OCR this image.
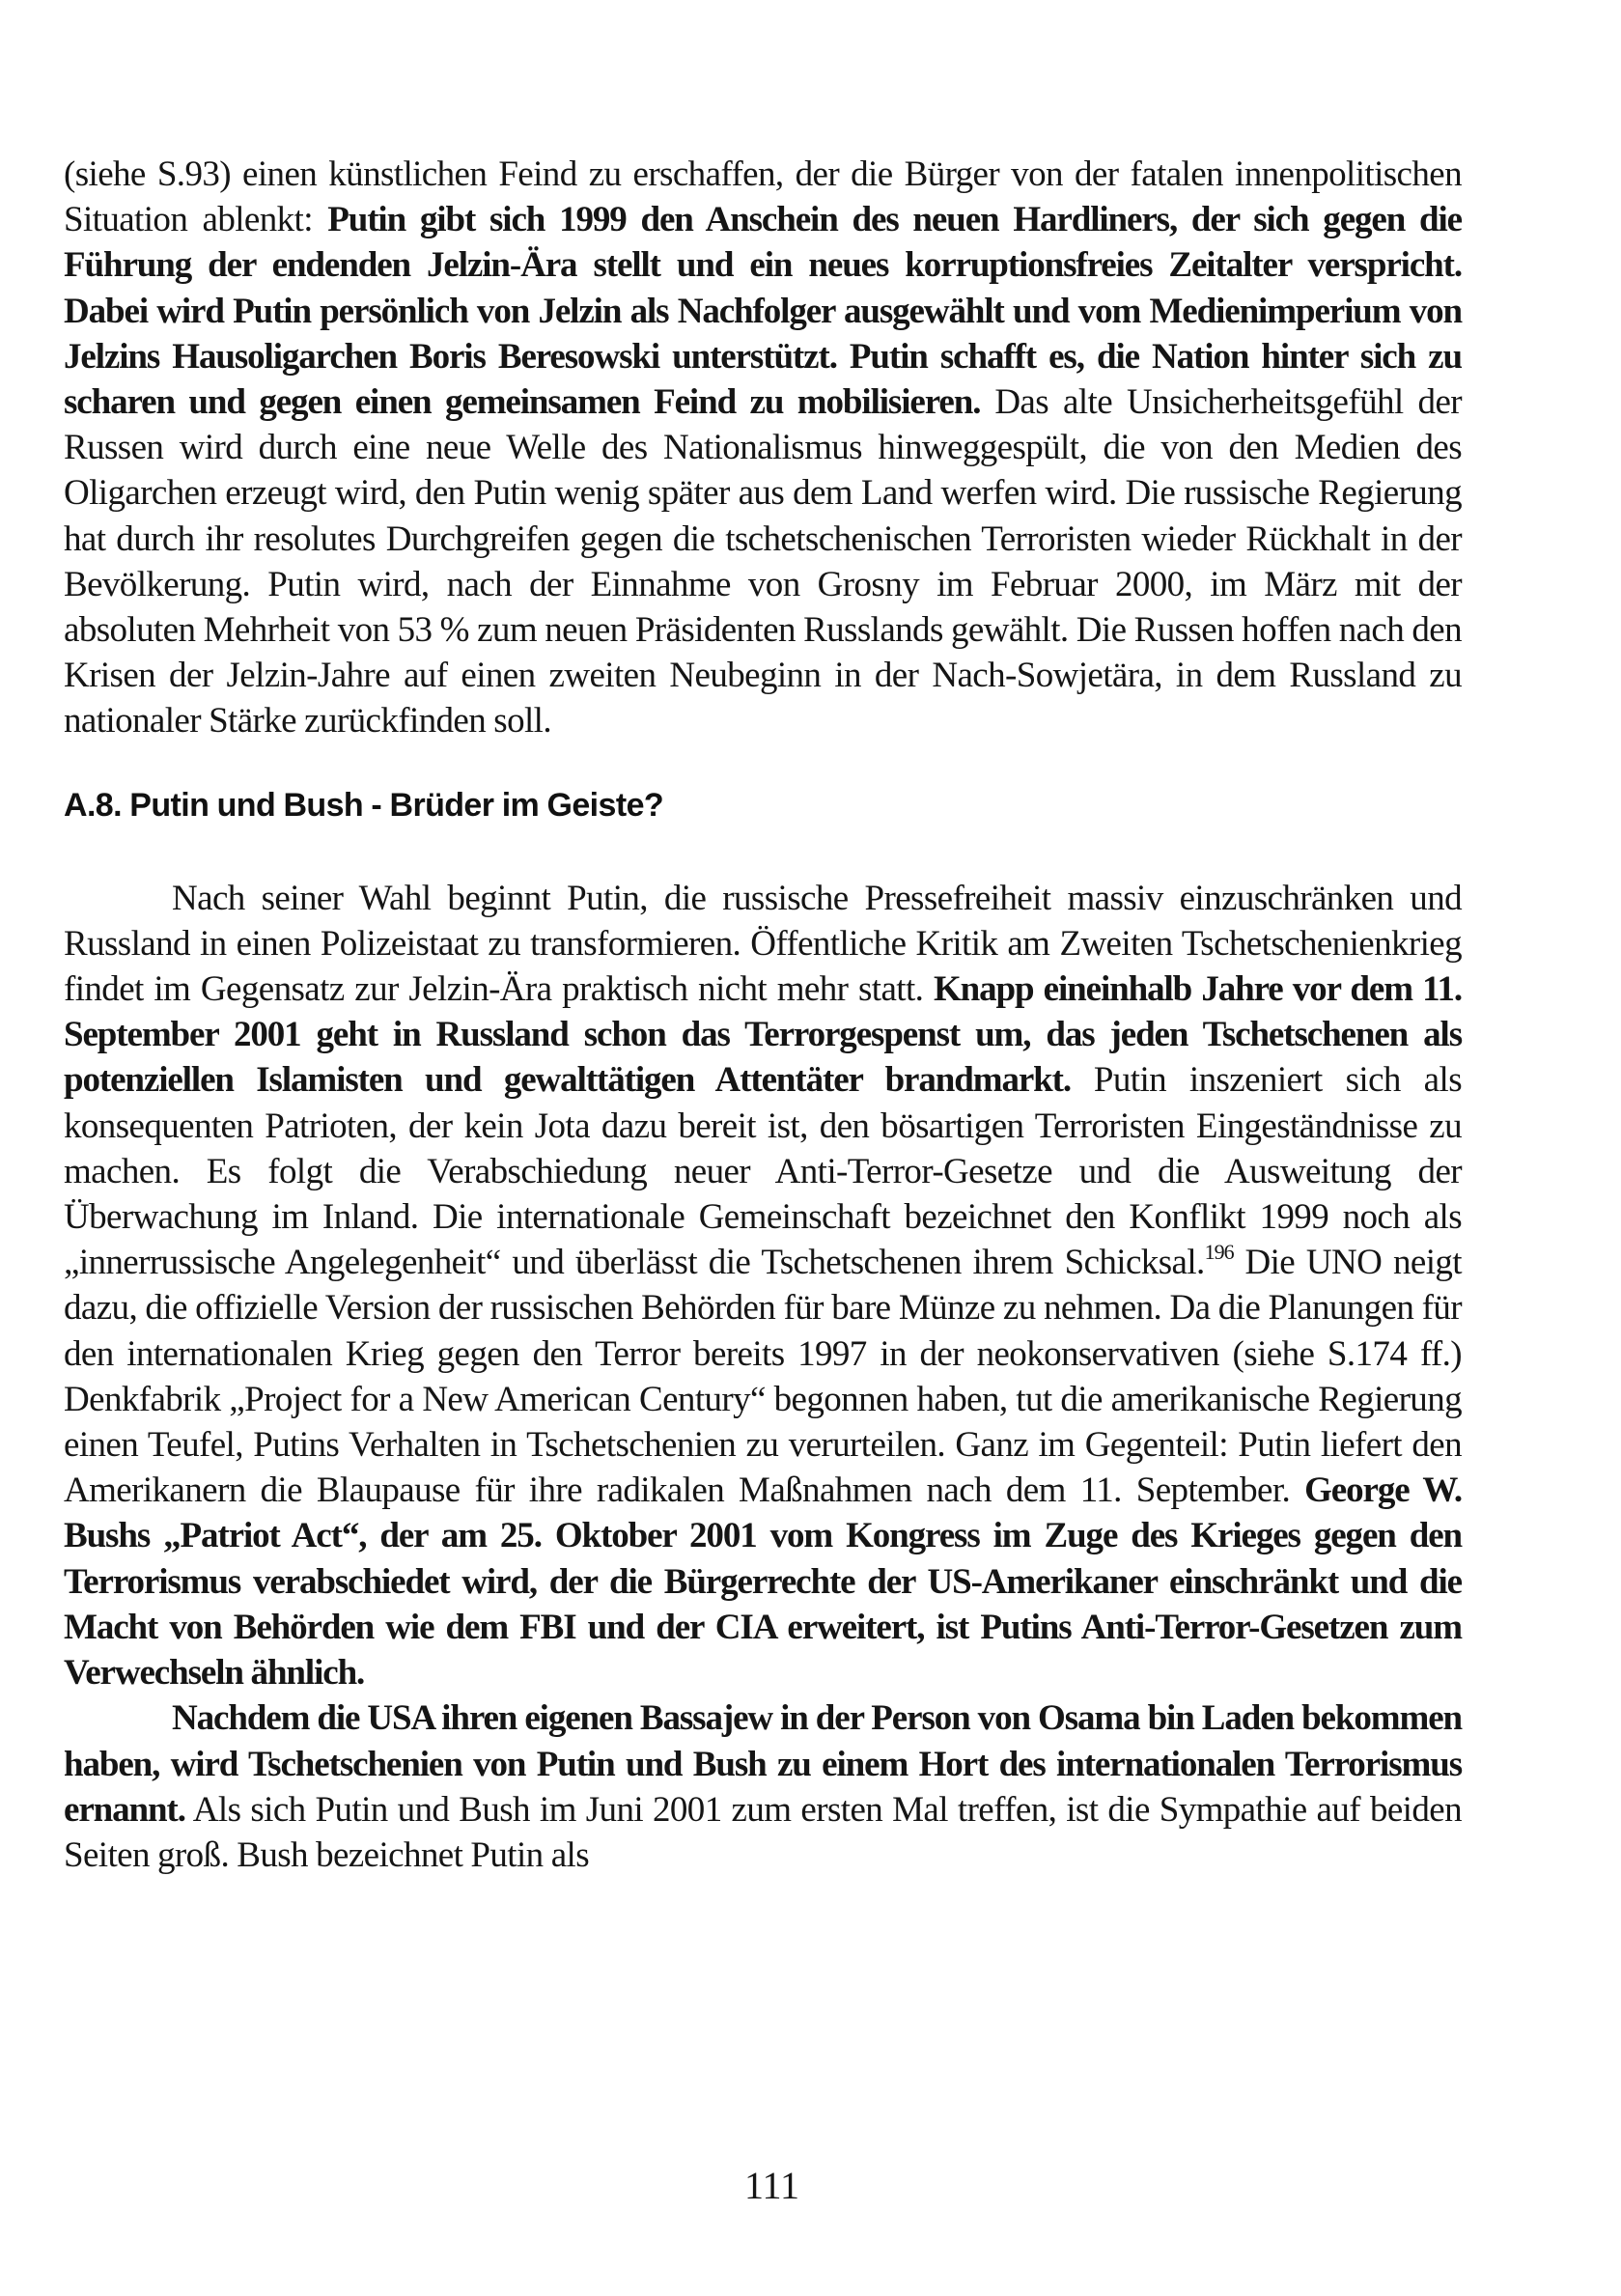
(siehe S.93) einen künstlichen Feind zu erschaffen, der die Bürger von der fatalen innenpolitischen Situation ablenkt: Putin gibt sich 1999 den Anschein des neuen Hardliners, der sich gegen die Führung der endenden Jelzin-Ära stellt und ein neues korruptionsfreies Zeitalter verspricht. Dabei wird Putin persönlich von Jelzin als Nachfolger ausgewählt und vom Medienimperium von Jelzins Hausoligarchen Boris Beresowski unterstützt. Putin schafft es, die Nation hinter sich zu scharen und gegen einen gemeinsamen Feind zu mobilisieren. Das alte Unsicherheitsgefühl der Russen wird durch eine neue Welle des Nationalismus hinweggespült, die von den Medien des Oligarchen erzeugt wird, den Putin wenig später aus dem Land werfen wird. Die russische Regierung hat durch ihr resolutes Durchgreifen gegen die tschetschenischen Terroristen wieder Rückhalt in der Bevölkerung. Putin wird, nach der Einnahme von Grosny im Februar 2000, im März mit der absoluten Mehrheit von 53 % zum neuen Präsidenten Russlands gewählt. Die Russen hoffen nach den Krisen der Jelzin-Jahre auf einen zweiten Neubeginn in der Nach-Sowjetära, in dem Russland zu nationaler Stärke zurückfinden soll.

A.8. Putin und Bush - Brüder im Geiste?

Nach seiner Wahl beginnt Putin, die russische Pressefreiheit massiv einzuschränken und Russland in einen Polizeistaat zu transformieren. Öffentliche Kritik am Zweiten Tschetschenienkrieg findet im Gegensatz zur Jelzin-Ära praktisch nicht mehr statt. Knapp eineinhalb Jahre vor dem 11. September 2001 geht in Russland schon das Terrorgespenst um, das jeden Tschetschenen als potenziellen Islamisten und gewalttätigen Attentäter brandmarkt. Putin inszeniert sich als konsequenten Patrioten, der kein Jota dazu bereit ist, den bösartigen Terroristen Eingeständnisse zu machen. Es folgt die Verabschiedung neuer Anti-Terror-Gesetze und die Ausweitung der Überwachung im Inland. Die internationale Gemeinschaft bezeichnet den Konflikt 1999 noch als „innerrussische Angelegenheit“ und überlässt die Tschetschenen ihrem Schicksal.$^{196}$ Die UNO neigt dazu, die offizielle Version der russischen Behörden für bare Münze zu nehmen. Da die Planungen für den internationalen Krieg gegen den Terror bereits 1997 in der neokonservativen (siehe S.174 ff.) Denkfabrik „Project for a New American Century“ begonnen haben, tut die amerikanische Regierung einen Teufel, Putins Verhalten in Tschetschenien zu verurteilen. Ganz im Gegenteil: Putin liefert den Amerikanern die Blaupause für ihre radikalen Maßnahmen nach dem 11. September. George W. Bushs „Patriot Act“, der am 25. Oktober 2001 vom Kongress im Zuge des Krieges gegen den Terrorismus verabschiedet wird, der die Bürgerrechte der US-Amerikaner einschränkt und die Macht von Behörden wie dem FBI und der CIA erweitert, ist Putins Anti-Terror-Gesetzen zum Verwechseln ähnlich.

Nachdem die USA ihren eigenen Bassajew in der Person von Osama bin Laden bekommen haben, wird Tschetschenien von Putin und Bush zu einem Hort des internationalen Terrorismus ernannt. Als sich Putin und Bush im Juni 2001 zum ersten Mal treffen, ist die Sympathie auf beiden Seiten groß. Bush bezeichnet Putin als

111
